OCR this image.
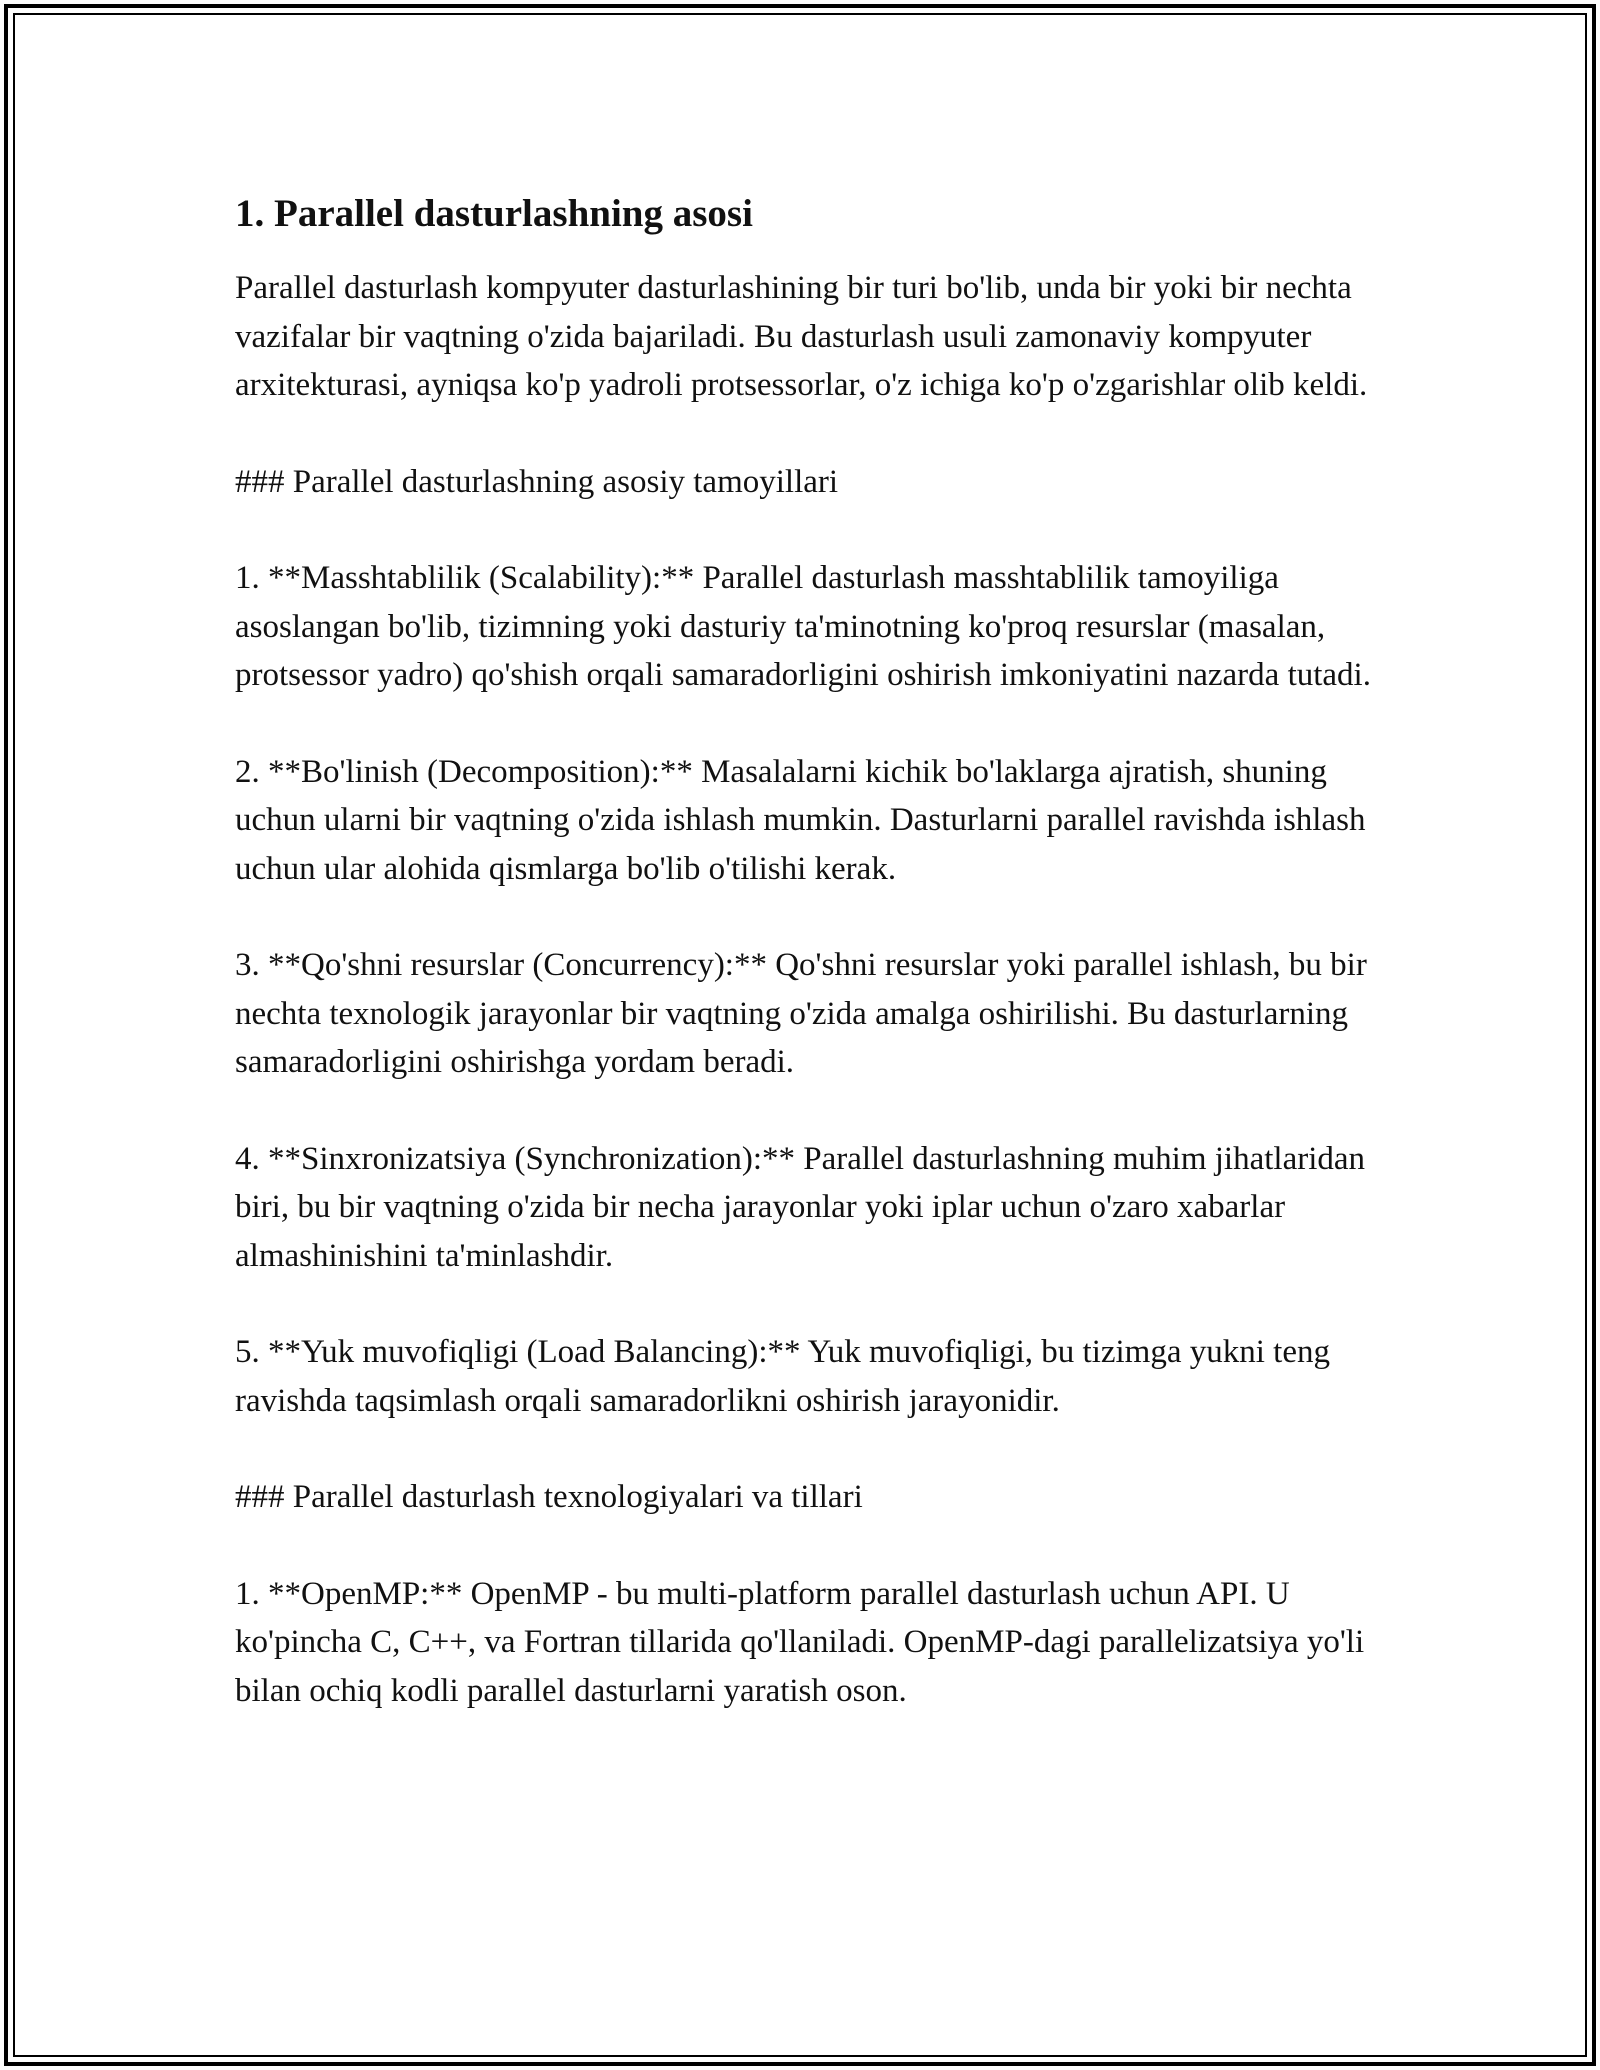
1. Parallel dasturlashning asosi

Parallel dasturlash kompyuter dasturlashining bir turi bo'lib, unda bir yoki bir nechta vazifalar bir vaqtning o'zida bajariladi. Bu dasturlash usuli zamonaviy kompyuter arxitekturasi, ayniqsa ko'p yadroli protsessorlar, o'z ichiga ko'p o'zgarishlar olib keldi.

### Parallel dasturlashning asosiy tamoyillari

1. **Masshtablilik (Scalability):** Parallel dasturlash masshtablilik tamoyiliga asoslangan bo'lib, tizimning yoki dasturiy ta'minotning ko'proq resurslar (masalan, protsessor yadro) qo'shish orqali samaradorligini oshirish imkoniyatini nazarda tutadi.

2. **Bo'linish (Decomposition):** Masalalarni kichik bo'laklarga ajratish, shuning uchun ularni bir vaqtning o'zida ishlash mumkin. Dasturlarni parallel ravishda ishlash uchun ular alohida qismlarga bo'lib o'tilishi kerak.

3. **Qo'shni resurslar (Concurrency):** Qo'shni resurslar yoki parallel ishlash, bu bir nechta texnologik jarayonlar bir vaqtning o'zida amalga oshirilishi. Bu dasturlarning samaradorligini oshirishga yordam beradi.

4. **Sinxronizatsiya (Synchronization):** Parallel dasturlashning muhim jihatlaridan biri, bu bir vaqtning o'zida bir necha jarayonlar yoki iplar uchun o'zaro xabarlar almashinishini ta'minlashdir.

5. **Yuk muvofiqligi (Load Balancing):** Yuk muvofiqligi, bu tizimga yukni teng ravishda taqsimlash orqali samaradorlikni oshirish jarayonidir.

### Parallel dasturlash texnologiyalari va tillari

1. **OpenMP:** OpenMP - bu multi-platform parallel dasturlash uchun API. U ko'pincha C, C++, va Fortran tillarida qo'llaniladi. OpenMP-dagi parallelizatsiya yo'li bilan ochiq kodli parallel dasturlarni yaratish oson.
